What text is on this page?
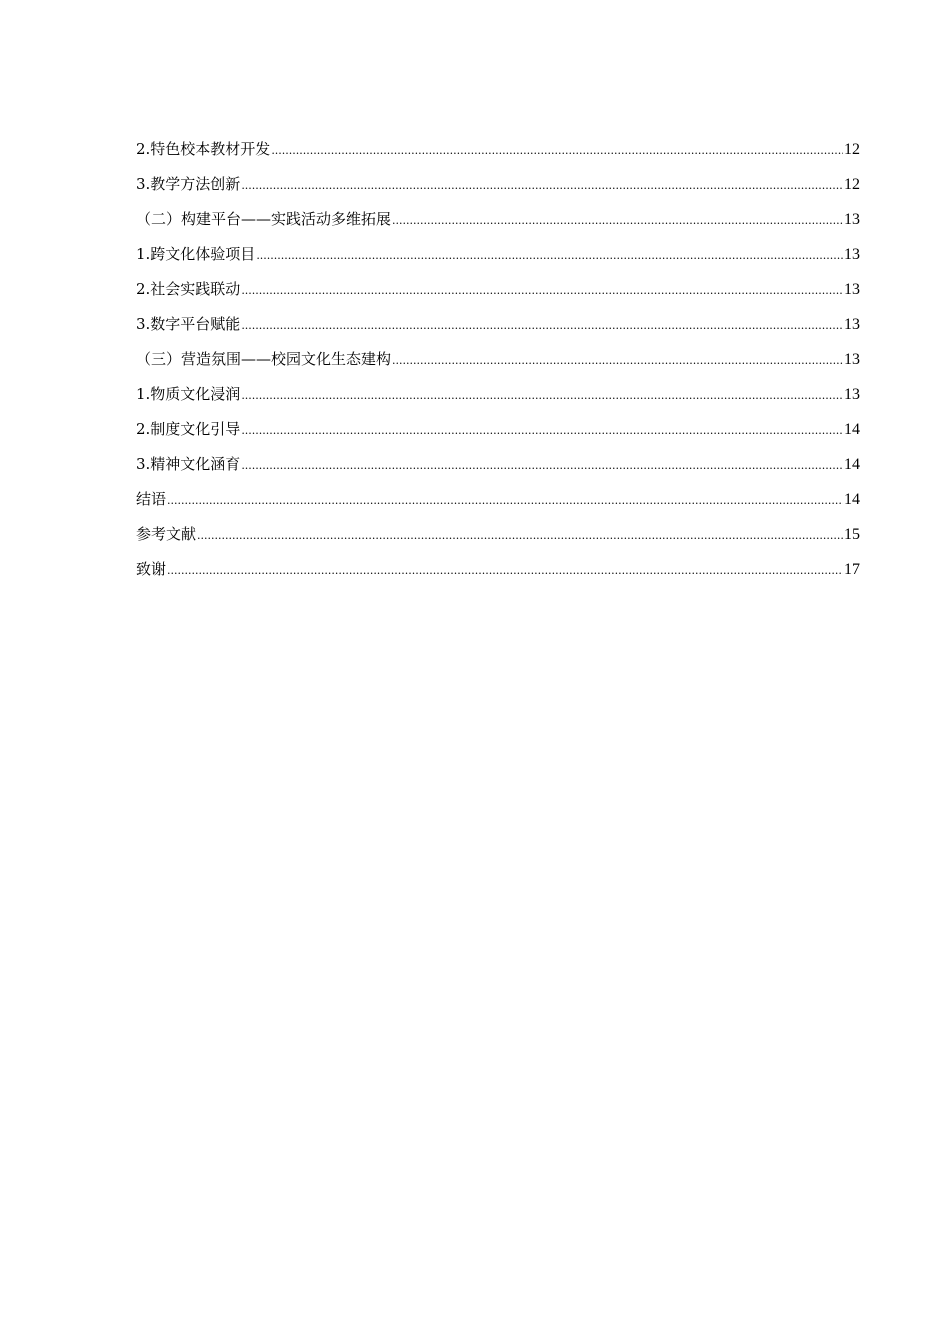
2.特色校本教材开发 .....	12
3.教学方法创新 .....	12
（二）构建平台——实践活动多维拓展 .....	13
1.跨文化体验项目 .....	13
2.社会实践联动 .....	13
3.数字平台赋能 .....	13
（三）营造氛围——校园文化生态建构 .....	13
1.物质文化浸润 .....	13
2.制度文化引导 .....	14
3.精神文化涵育 .....	14
结语 .....	14
参考文献 .....	15
致谢 .....	17
